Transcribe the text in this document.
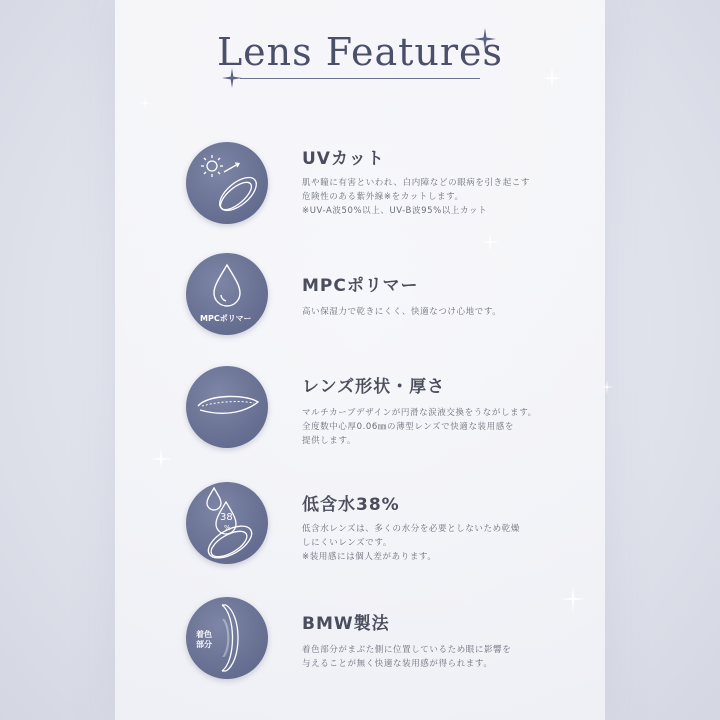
Lens Features
UVカット
肌や瞳に有害といわれ、白内障などの眼病を引き起こす
危険性のある紫外線※をカットします。
※UV-A波50%以上、UV-B波95%以上カット
MPCポリマー
MPCポリマー
高い保湿力で乾きにくく、快適なつけ心地です。
レンズ形状・厚さ
マルチカーブデザインが円滑な涙液交換をうながします。
全度数中心厚0.06㎜の薄型レンズで快適な装用感を
提供します。
38
%
低含水38%
低含水レンズは、多くの水分を必要としないため乾燥
しにくいレンズです。
※装用感には個人差があります。
着色
部分
BMW製法
着色部分がまぶた側に位置しているため眼に影響を
与えることが無く快適な装用感が得られます。
